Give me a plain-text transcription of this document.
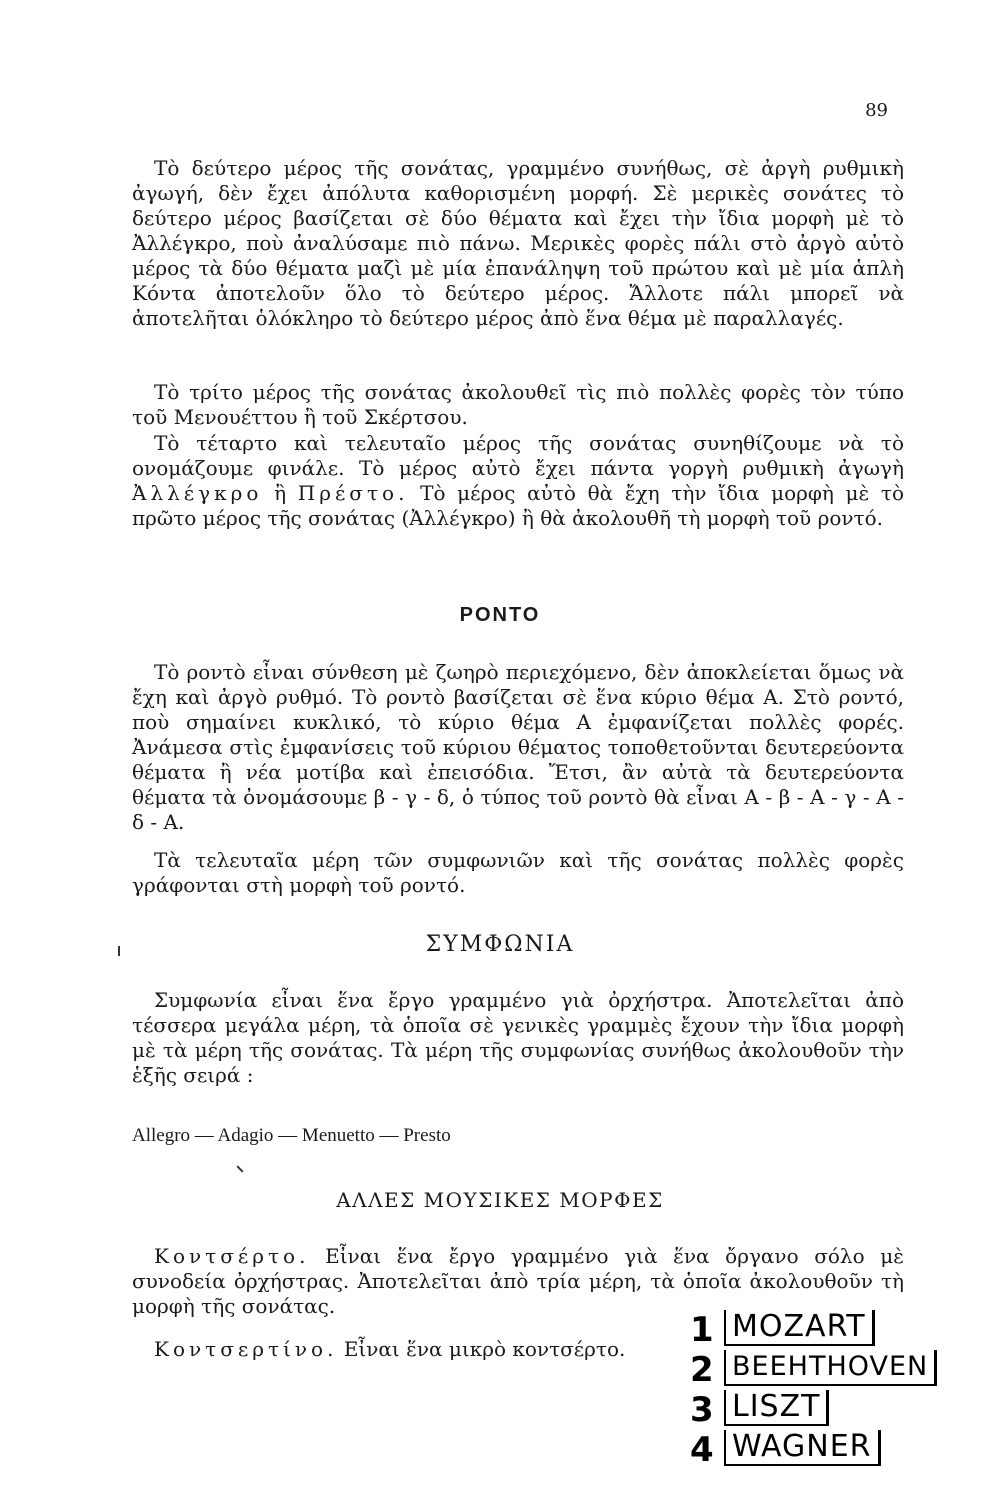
89

Τὸ δεύτερο μέρος τῆς σονάτας, γραμμένο συνήθως, σὲ ἀργὴ ρυθμικὴ ἀγωγή, δὲν ἔχει ἀπόλυτα καθορισμένη μορφή. Σὲ μερικὲς σονάτες τὸ δεύτερο μέρος βασίζεται σὲ δύο θέματα καὶ ἔχει τὴν ἴδια μορφὴ μὲ τὸ Ἀλλέγκρο, ποὺ ἀναλύσαμε πιὸ πάνω. Μερικὲς φορὲς πάλι στὸ ἀργὸ αὐτὸ μέρος τὰ δύο θέματα μαζὶ μὲ μία ἐπανάληψη τοῦ πρώτου καὶ μὲ μία ἁπλὴ Κόντα ἀποτελοῦν ὅλο τὸ δεύτερο μέρος. Ἄλλοτε πάλι μπορεῖ νὰ ἀποτελῆται ὁλόκληρο τὸ δεύτερο μέρος ἀπὸ ἕνα θέμα μὲ παραλλαγές.

Τὸ τρίτο μέρος τῆς σονάτας ἀκολουθεῖ τὶς πιὸ πολλὲς φορὲς τὸν τύπο τοῦ Μενουέττου ἢ τοῦ Σκέρτσου.

Τὸ τέταρτο καὶ τελευταῖο μέρος τῆς σονάτας συνηθίζουμε νὰ τὸ ονομάζουμε φινάλε. Τὸ μέρος αὐτὸ ἔχει πάντα γοργὴ ρυθμικὴ ἀγωγὴ Ἀλλέγκρο ἢ Πρέστο. Τὸ μέρος αὐτὸ θὰ ἔχη τὴν ἴδια μορφὴ μὲ τὸ πρῶτο μέρος τῆς σονάτας (Ἀλλέγκρο) ἢ θὰ ἀκολουθῆ τὴ μορφὴ τοῦ ροντό.

ΡΟΝΤΟ

Τὸ ροντὸ εἶναι σύνθεση μὲ ζωηρὸ περιεχόμενο, δὲν ἀποκλείεται ὅμως νὰ ἔχη καὶ ἀργὸ ρυθμό. Τὸ ροντὸ βασίζεται σὲ ἕνα κύριο θέμα Α. Στὸ ροντό, ποὺ σημαίνει κυκλικό, τὸ κύριο θέμα Α ἐμφανίζεται πολλὲς φορές. Ἀνάμεσα στὶς ἐμφανίσεις τοῦ κύριου θέματος τοποθετοῦνται δευτερεύοντα θέματα ἢ νέα μοτίβα καὶ ἐπεισόδια. Ἔτσι, ἂν αὐτὰ τὰ δευτερεύοντα θέματα τὰ ὀνομάσουμε β - γ - δ, ὁ τύπος τοῦ ροντὸ θὰ εἶναι Α - β - Α - γ - Α - δ - Α.

Τὰ τελευταῖα μέρη τῶν συμφωνιῶν καὶ τῆς σονάτας πολλὲς φορὲς γράφονται στὴ μορφὴ τοῦ ροντό.

ΣΥΜΦΩΝΙΑ

Συμφωνία εἶναι ἕνα ἔργο γραμμένο γιὰ ὀρχήστρα. Ἀποτελεῖται ἀπὸ τέσσερα μεγάλα μέρη, τὰ ὁποῖα σὲ γενικὲς γραμμὲς ἔχουν τὴν ἴδια μορφὴ μὲ τὰ μέρη τῆς σονάτας. Τὰ μέρη τῆς συμφωνίας συνήθως ἀκολουθοῦν τὴν ἑξῆς σειρά :

Allegro — Adagio — Menuetto — Presto
ΑΛΛΕΣ ΜΟΥΣΙΚΕΣ ΜΟΡΦΕΣ

Κοντσέρτο. Εἶναι ἕνα ἔργο γραμμένο γιὰ ἕνα ὄργανο σόλο μὲ συνοδεία ὀρχήστρας. Ἀποτελεῖται ἀπὸ τρία μέρη, τὰ ὁποῖα ἀκολουθοῦν τὴ μορφὴ τῆς σονάτας.

Κοντσερτίνο. Εἶναι ἕνα μικρὸ κοντσέρτο.	1 MOZART
2 BEEHTHOVEN
3 LISZT
4 WAGNER
